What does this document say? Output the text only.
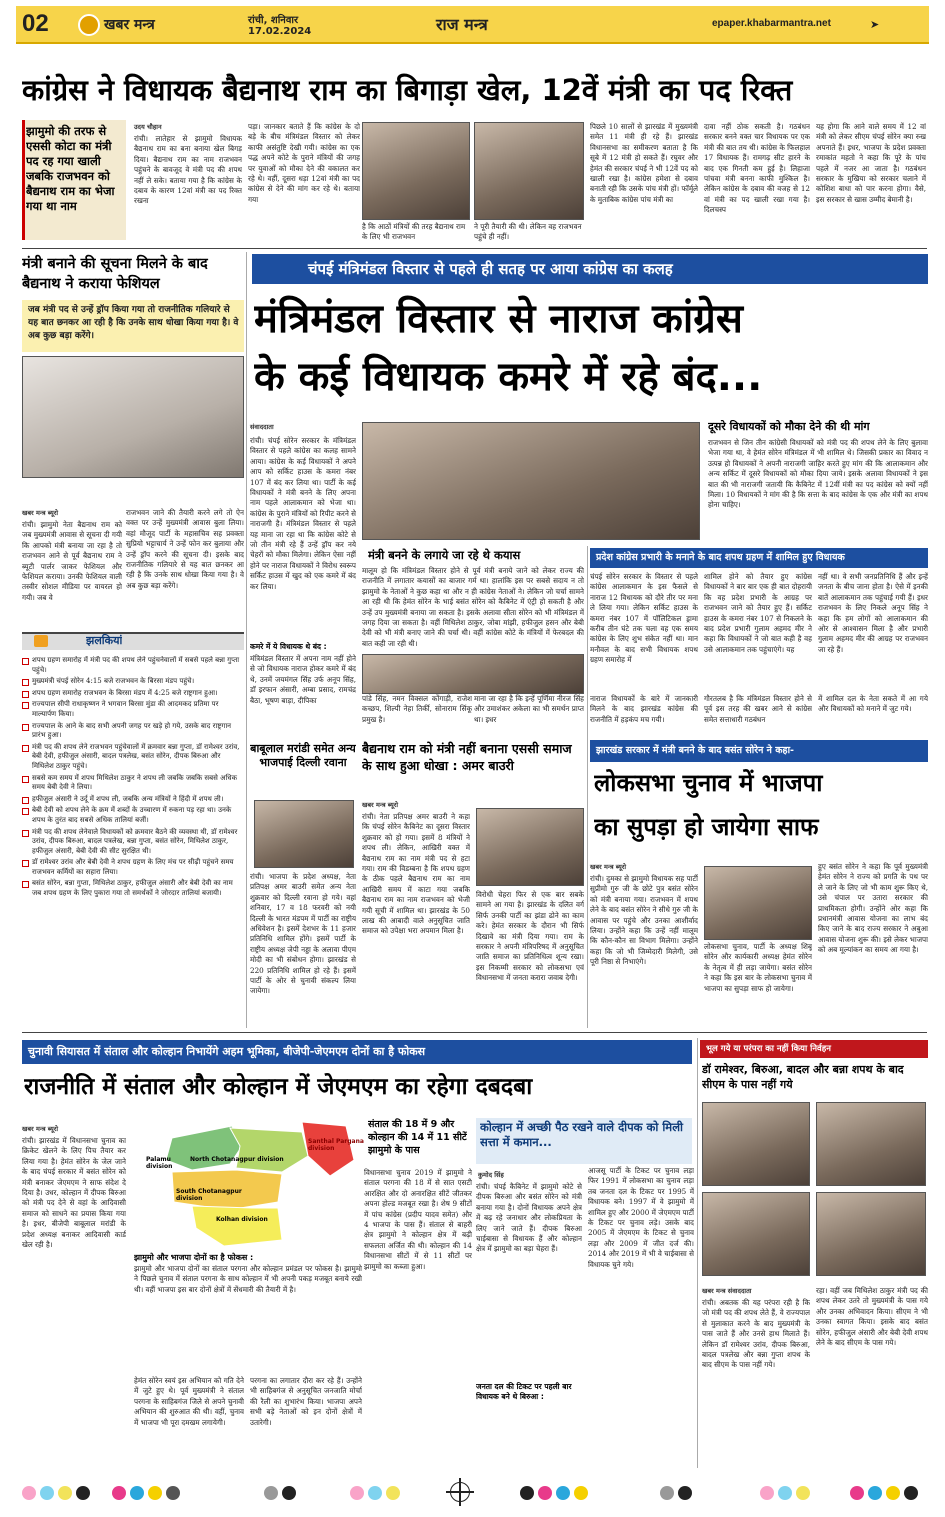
02	खबर मन्त्र	रांची, शनिवार
17.02.2024	राज मन्त्र	epaper.khabarmantra.net	➤
कांग्रेस ने विधायक बैद्यनाथ राम का बिगाड़ा खेल, 12वें मंत्री का पद रिक्त
झामुमो की तरफ से एससी कोटा का मंत्री पद रह गया खाली जबकि राजभवन को बैद्यनाथ राम का भेजा गया था नाम
उदय चौहान
रांची। लातेहार से झामुमो विधायक बैद्यनाथ राम का बना बनाया खेल बिगड़ दिया। बैद्यनाथ राम का नाम राजभवन पहुंचने के बावजूद वे मंत्री पद की शपथ नहीं ले सके। बताया गया है कि कांग्रेस के दबाव के कारण 12वां मंत्री का पद रिक्त रखना
पड़ा। जानकार बताते हैं कि कांग्रेस के दो बड़े के बीच मंत्रिमंडल विस्तार को लेकर काफी असंतुष्टि देखी गयी। कांग्रेस का एक पद्ध अपने कोटे के पुराने मंत्रियों की जगह पर युवाओं को मौका देने की वकालत कर रहे थे। वहीं, दूसरा धड़ा 12वां मंत्री का पद कांग्रेस से देने की मांग कर रहे थे। बताया गया
है कि आठों मंत्रियों की तरह बैद्यनाथ राम के लिए भी राजभवन
ने पूरी तैयारी की थी। लेकिन वह राजभवन पहुंचे ही नहीं।
पिछले 10 सालों से झारखंड में मुख्यमंत्री समेत 11 मंत्री ही रहे हैं। झारखंड विधानसभा का समीकरण बताता है कि सूबे में 12 मंत्री हो सकते हैं। रघुवर और हेमंत की सरकार चंपई ने भी 12वें पद को खाली रखा है। कांग्रेस हमेशा से दबाव बनाती रही कि उसके पांच मंत्री हों। फॉर्मूले के मुताबिक कांग्रेस पांच मंत्री का
दावा नहीं ठोक सकती है। गठबंधन सरकार बनने वक्त चार विधायक पर एक मंत्री की बात तय थी। कांग्रेस के फिलहाल 17 विधायक हैं। रामगढ़ सीट हारने के बाद एक गिनती कम हुई है। लिहाजा पांचवा मंत्री बनना काफी मुश्किल है। लेकिन कांग्रेस के दबाव की वजह से 12 वां मंत्री का पद खाली रखा गया है। दिलचस्प
यह होगा कि आने वाले समय में 12 वां मंत्री को लेकर सीएम चंपई सोरेन क्या रुख अपनाते हैं। इधर, भाजपा के प्रदेश प्रवक्ता रमाकांत महतो ने कहा कि पूरे के पांच पहले में नजर आ जाता है। गठबंधन सरकार के मुखिया को सरकार चलाने में कोशिश बाधा को पार करना होगा। वैसे, इस सरकार से खास उम्मीद बेमानी है।
मंत्री बनाने की सूचना मिलने के बाद बैद्यनाथ ने कराया फेशियल
जब मंत्री पद से उन्हें ड्रॉप किया गया तो राजनीतिक गलियारे से यह बात छनकर आ रही है कि उनके साथ धोखा किया गया है। वे अब कुछ बड़ा करेंगे।
खबर मन्त्र ब्यूरो
रांची। झामुमो नेता बैद्यनाथ राम को जब मुख्यमंत्री आवास से सूचना दी गयी कि आपको मंत्री बनाया जा रहा है तो राजभवन आने से पूर्व बैद्यनाथ राम ने ब्यूटी पार्लर जाकर फेशियल और फेशियल कराया। उनकी फेशियल वाली तस्वीर सोशल मीडिया पर वायरल हो गयी। जब वे
राजभवन जाने की तैयारी करने लगे तो ऐन वक्त पर उन्हें मुख्यमंत्री आवास बुला लिया। वहां मौजूद पार्टी के महासचिव सह प्रवक्ता सुप्रियो भट्टाचार्य ने उन्हें फोन कर बुलाया और उन्हें ड्रॉप करने की सूचना दी। इसके बाद राजनीतिक गलियारे से यह बात छनकर आ रही है कि उनके साथ धोखा किया गया है। वे अब कुछ बड़ा करेंगे।
झलकियां
शपथ ग्रहण समारोह में मंत्री पद की शपथ लेने पहुंचनेवालों में सबसे पहले बन्ना गुप्ता पहुंचे।
मुख्यमंत्री चंपई सोरेन 4:15 बजे राजभवन के बिरसा मंडप पहुंचे।
शपथ ग्रहण समारोह राजभवन के बिरसा मंडप में 4:25 बजे राष्ट्रगान हुआ।
राज्यपाल सीपी राधाकृष्णन ने भगवान बिरसा मुंडा की आदमकद प्रतिमा पर माल्यार्पण किया।
राज्यपाल के आने के बाद सभी अपनी जगह पर खड़े हो गये, उसके बाद राष्ट्रगान प्रारंभ हुआ।
मंत्री पद की शपथ लेने राजभवन पहुंचेवालों में क्रमवार बन्ना गुप्ता, डॉ रामेश्वर उरांव, बेबी देवी, हफीजुल अंसारी, बादल पत्रलेख, बसंत सोरेन, दीपक बिरुआ और मिथिलेश ठाकुर पहुंचे।
सबसे कम समय में शपथ मिथिलेश ठाकुर ने शपथ ली जबकि जबकि सबसे अधिक समय बेबी देवी ने लिया।
हफीजुल अंसारी ने उर्दू में शपथ ली, जबकि अन्य मंत्रियों ने हिंदी में शपथ ली।
बेबी देवी को शपथ लेने के क्रम में शब्दों के उच्चारण में रुकना पड़ रहा था। उनके शपथ के तुरंत बाद सबसे अधिक तालियां बजीं।
मंत्री पद की शपथ लेनेवाले विधायकों को क्रमवार बैठने की व्यवस्था थी, डॉ रामेश्वर उरांव, दीपक बिरुआ, बादल पत्रलेख, बन्ना गुप्ता, बसंत सोरेन, मिथिलेश ठाकुर, हफीजुल अंसारी, बेबी देवी की सीट सुरक्षित थी।
डॉ रामेश्वर उरांव और बेबी देवी ने शपथ ग्रहण के लिए मंच पर सीढ़ी पहुंचने समय राजभवन कर्मियों का सहारा लिया।
बसंत सोरेन, बन्ना गुप्ता, मिथिलेश ठाकुर, हफीजुल अंसारी और बेबी देवी का नाम जब शपथ ग्रहण के लिए पुकारा गया तो समर्थकों ने जोरदार तालियां बजायी।
चंपई मंत्रिमंडल विस्तार से पहले ही सतह पर आया कांग्रेस का कलह
मंत्रिमंडल विस्तार से नाराज कांग्रेस
के कई विधायक कमरे में रहे बंद...
संवाददाता
रांची। चंपई सोरेन सरकार के मंत्रिमंडल विस्तार से पहले कांग्रेस का कलह सामने आया। कांग्रेस के कई विधायकों ने अपने आप को सर्किट हाउस के कमरा नंबर 107 में बंद कर लिया था। पार्टी के कई विधायकों ने मंत्री बनने के लिए अपना नाम पहले आलाकमान को भेजा था। कांग्रेस के पुराने मंत्रियों को रिपीट करने से नाराजगी है। मंत्रिमंडल विस्तार से पहले यह माना जा रहा था कि कांग्रेस कोटे से जो तीन मंत्री रहे हैं उन्हें ड्रॉप कर नये चेहरों को मौका मिलेगा। लेकिन ऐसा नहीं होने पर नाराज विधायकों ने विरोध स्वरूप सर्किट हाउस में खुद को एक कमरे में बंद कर लिया।
कमरे में ये विधायक थे बंद :
मंत्रिमंडल विस्तार में अपना नाम नहीं होने से जो विधायक नाराज होकर कमरे में बंद थे, उनमें जयमंगल सिंह उर्फ अनूप सिंह, डॉ इरफान अंसारी, अम्बा प्रसाद, रामचंद्र बैठा, भूषण बाड़ा, दीपिका
मंत्री बनने के लगाये जा रहे थे कयास
मालूम हो कि मंत्रिमंडल विस्तार होने से पूर्व मंत्री बनाये जाने को लेकर राज्य की राजनीति में लगातार कयासों का बाजार गर्म था। हालांकि इस पर सबसे सदाय न तो झामुमो के नेताओं ने कुछ कहा था और न ही कांग्रेस नेताओं ने। लेकिन जो चर्चा सामने आ रही थी कि हेमंत सोरेन के भाई बसंत सोरेन को कैबिनेट में एंट्री हो सकती है और उन्हें उप मुख्यमंत्री बनाया जा सकता है। इसके अलावा सीता सोरेन को भी मंत्रिमंडल में जगह दिया जा सकता है। वहीं मिथिलेश ठाकुर, जोबा मांझी, हफीजुल हसन और बेबी देवी को भी मंत्री बनाए जाने की चर्चा थी। वहीं कांग्रेस कोटे के मंत्रियों में फेरबदल की बात कही जा रही थी।
पांडे सिंह, नमन विक्सल कोंगाड़ी, राजेश कच्छप, शिल्पी नेहा तिर्की, सोनाराम सिंकू प्रमुख है।
माना जा रहा है कि इन्हें पूर्णिमा नीरज सिंह और उमाशंकर अकेला का भी समर्थन प्राप्त था। इधर
दूसरे विधायकों को मौका देने की थी मांग
राजभवन से जिन तीन कांग्रेसी विधायकों को मंत्री पद की शपथ लेने के लिए बुलावा भेजा गया था, वे हेमंत सोरेन मंत्रिमंडल में भी शामिल थे। जिसकी प्रकार का विवाद न उत्पन्न हो विधायकों ने अपनी नाराजगी जाहिर करते हुए मांग की कि आलाकमान और अन्य सर्किट में दूसरे विधायकों को मौका दिया जाये। इसके अलावा विधायकों ने इस बात की भी नाराजगी जतायी कि कैबिनेट में 12वीं मंत्री का पद कांग्रेस को क्यों नहीं मिला। 10 विधायकों ने मांग की है कि सत्ता के बाद कांग्रेस के एक और मंत्री का शपथ होना चाहिए।
प्रदेश कांग्रेस प्रभारी के मनाने के बाद शपथ ग्रहण में शामिल हुए विधायक
चंपई सोरेन सरकार के विस्तार से पहले कांग्रेस आलाकमान के इस फैसले से नाराज 12 विधायक को दौरे तीर पर मना ले लिया गया। लेकिन सर्किट हाउस के कमरा नंबर 107 में पॉलिटिकल ड्रामा करीब तीन घंटे तक चला वह एक समय कांग्रेस के लिए शुभ संकेत नहीं था। मान मनौवल के बाद सभी विधायक शपथ ग्रहण समारोह में
शामिल होने को तैयार हुए कांग्रेस विधायकों ने बार बार एक ही बात दोहरायी कि वह प्रदेश प्रभारी के आग्रह पर राजभवन जाने को तैयार हुए हैं। सर्किट हाउस के कमरा नंबर 107 से निकलने के बाद प्रदेश प्रभारी गुलाम अहमद मीर ने कहा कि विधायकों ने जो बात कही है वह उसे आलाकमान तक पहुंचाएंगे। यह
नहीं था। वे सभी जनप्रतिनिधि हैं और इन्हें जनता के बीच जाना होता है। ऐसे में इनकी बातें आलाकमान तक पहुंचाई गयी हैं। इधर राजभवन के लिए निकले अनूप सिंह ने कहा कि हम लोगों को आलाकमान की ओर से आश्वासन मिला है और प्रभारी गुलाम अहमद मीर की आग्रह पर राजभवन जा रहे हैं।
नाराज विधायकों के बारे में जानकारी मिलने के बाद झारखंड कांग्रेस की राजनीति में हड़कंप मच गयी।
गौरतलब है कि मंत्रिमंडल विस्तार होने से पूर्व इस तरह की खबर आने से कांग्रेस समेत सत्ताधारी गठबंधन
में शामिल दल के नेता सकते में आ गये और विधायकों को मनाने में जुट गये।
बाबूलाल मरांडी समेत अन्य भाजपाई दिल्ली रवाना
रांची। भाजपा के प्रदेश अध्यक्ष, नेता प्रतिपक्ष अमर बाउरी समेत अन्य नेता शुक्रवार को दिल्ली रवाना हो गये। वहां शनिवार, 17 व 18 फरवरी को नयी दिल्ली के भारत मंडपम में पार्टी का राष्ट्रीय अधिवेशन है। इसमें देशभर के 11 हजार प्रतिनिधि शामिल होंगे। इसमें पार्टी के राष्ट्रीय अध्यक्ष जेपी नड्डा के अलावा पीएम मोदी का भी संबोधन होगा। झारखंड से 220 प्रतिनिधि शामिल हो रहे हैं। इसमें पार्टी के ओर से चुनावी संकल्प लिया जायेगा।
बैद्यनाथ राम को मंत्री नहीं बनाना एससी समाज के साथ हुआ धोखा : अमर बाउरी
खबर मन्त्र ब्यूरो
रांची। नेता प्रतिपक्ष अमर बाउरी ने कहा कि चंपई सोरेन कैबिनेट का दूसरा विस्तार शुक्रवार को हो गया। इसमें 8 मंत्रियों ने शपथ ली। लेकिन, आखिरी वक्त में बैद्यनाथ राम का नाम मंत्री पद से हटा गया। राम की विडम्बना है कि शपथ ग्रहण के ठीक पहले बैद्यनाथ राम का नाम आखिरी समय में काटा गया जबकि बैद्यनाथ राम का नाम राजभवन को भेजी गयी सूची में शामिल था। झारखंड के 50 लाख की आबादी वाले अनुसूचित जाति समाज को उपेक्षा भरा अपमान मिला है।
विरोधी चेहरा फिर से एक बार सबके सामने आ गया है। झारखंड के दलित वर्ग सिर्फ उनकी पार्टी का झंडा ढोने का काम करे। हेमंत सरकार के दौरान भी सिर्फ दिखावे का मंत्री दिया गया। राम के सरकार ने अपनी मंत्रिपरिषद में अनुसूचित जाति समाज का प्रतिनिधित्व शून्य रखा। इस निकम्मी सरकार को लोकसभा एवं विधानसभा में जनता करारा जवाब देगी।
झारखंड सरकार में मंत्री बनने के बाद बसंत सोरेन ने कहा-
लोकसभा चुनाव में भाजपा
का सुपड़ा हो जायेगा साफ
खबर मन्त्र ब्यूरो
रांची। दुमका से झामुमो विधायक सह पार्टी सुप्रीमो गुरु जी के छोटे पुत्र बसंत सोरेन को मंत्री बनाया गया। राजभवन में शपथ लेने के बाद बसंत सोरेन ने सीधे गुरु जी के आवास पर पहुंचे और उनका आशीर्वाद लिया। उन्होंने कहा कि उन्हें नहीं मालूम कि कौन-कौन सा विभाग मिलेगा। उन्होंने कहा कि जो भी जिम्मेदारी मिलेगी, उसे पूरी निष्ठा से निभाएंगे।
लोकसभा चुनाव, पार्टी के अध्यक्ष शिबू सोरेन और कार्यकारी अध्यक्ष हेमंत सोरेन के नेतृत्व में ही लड़ा जायेगा। बसंत सोरेन ने कहा कि इस बार के लोकसभा चुनाव में भाजपा का सुपड़ा साफ हो जायेगा।
हुए बसंत सोरेन ने कहा कि पूर्व मुख्यमंत्री हेमंत सोरेन ने राज्य को प्रगति के पथ पर ले जाने के लिए जो भी काम शुरू किए थे, उसे चंपाल पर उतारा सरकार की प्राथमिकता होगी। उन्होंने ओर कहा कि प्रधानमंत्री आवास योजना का लाभ बंद किए जाने के बाद राज्य सरकार ने अबुआ आवास योजना शुरू की। इसे लेकर भाजपा को अब मूल्यांकन का समय आ गया है।
चुनावी सियासत में संताल और कोल्हान निभायेंगे अहम भूमिका, बीजेपी-जेएमएम दोनों का है फोकस
राजनीति में संताल और कोल्हान में जेएमएम का रहेगा दबदबा
खबर मन्त्र ब्यूरो
रांची। झारखंड में विधानसभा चुनाव का क्रिकेट खेलने के लिए पिच तैयार कर लिया गया है। हेमंत सोरेन के जेल जाने के बाद चंपई सरकार में बसंत सोरेन को मंत्री बनाकर जेएमएम ने साफ संदेश दे दिया है। उधर, कोल्हान में दीपक बिरुआ को मंत्री पद देने से वहां के आदिवासी समाज को साधने का प्रयास किया गया है। इधर, बीजेपी बाबूलाल मरांडी के प्रदेश अध्यक्ष बनाकर आदिवासी कार्ड खेल रही है।
Santhal Pargana division
Palamu division
North Chotanagpur division
South Chotanagpur division
Kolhan division
झामुमो और भाजपा दोनों का है फोकस :
झामुमो और भाजपा दोनों का संताल परगना और कोल्हान प्रमंडल पर फोकस है। झामुमो ने पिछले चुनाव में संताल परगना के साथ कोल्हान में भी अपनी पकड़ मजबूत बनाये रखी थी। वहीं भाजपा इस बार दोनों क्षेत्रों में सेंधमारी की तैयारी में है।
हेमंत सोरेन स्वयं इस अभियान को गति देने में जुटे हुए थे। पूर्व मुख्यमंत्री ने संताल परगना के साहिबगंज जिले से अपने चुनावी अभियान की शुरुआत की थी। वहीं, चुनाव में भाजपा भी पूरा दमखम लगायेगी।
परगना का लगातार दौरा कर रहे हैं। उन्होंने भी साहिबगंज से अनुसूचित जनजाति मोर्चा की रैली का शुभारंभ किया। भाजपा अपने सभी बड़े नेताओं को इन दोनों क्षेत्रों में उतारेगी।
संताल की 18 में 9 और कोल्हान की 14 में 11 सीटें झामुमो के पास
विधानसभा चुनाव 2019 में झामुमो ने संताल परगना की 18 में से सात एसटी आरक्षित और दो अनारक्षित सीटें जीतकर अपना होल्ड मजबूत रखा है। शेष 9 सीटों में पांच कांग्रेस (प्रदीप यादव समेत) और 4 भाजपा के पास हैं। संताल से बाहरी क्षेत्र झामुमो ने कोल्हान क्षेत्र में बढ़ी सफलता अर्जित की थी। कोल्हान की 14 विधानसभा सीटों में से 11 सीटों पर झामुमो का कब्जा हुआ।
कोल्हान में अच्छी पैठ रखने वाले दीपक को मिली सत्ता में कमान...
कुमोद सिंह
रांची। चंपई कैबिनेट में झामुमो कोटे से दीपक बिरुआ और बसंत सोरेन को मंत्री बनाया गया है। दोनों विधायक अपने क्षेत्र में बढ़ रहे जनाधार और लोकप्रियता के लिए जाने जाते हैं। दीपक बिरुआ चाईबासा से विधायक हैं और कोल्हान क्षेत्र में झामुमो का बड़ा चेहरा हैं।
जनता दल की टिकट पर पहली बार विधायक बने थे बिरुआ :
आजसू पार्टी के टिकट पर चुनाव लड़ा फिर 1991 में लोकसभा का चुनाव लड़ा तब जनता दल के टिकट पर 1995 में विधायक बने। 1997 में वे झामुमो में शामिल हुए और 2000 में जेएमएम पार्टी के टिकट पर चुनाव लड़े। उसके बाद 2005 में जेएमएम के टिकट से चुनाव लड़ा और 2009 में जीत दर्ज की। 2014 और 2019 में भी वे चाईबासा से विधायक चुने गये।
भूल गये या परंपरा का नहीं किया निर्वहन
डॉ रामेश्वर, बिरुआ, बादल और बन्ना शपथ के बाद सीएम के पास नहीं गये
खबर मन्त्र संवाददाता
रांची। अबतक की यह परंपरा रही है कि जो मंत्री पद की शपथ लेते हैं, वे राज्यपाल से मुलाकात करने के बाद मुख्यमंत्री के पास जाते हैं और उनसे हाथ मिलाते हैं। लेकिन डॉ रामेश्वर उरांव, दीपक बिरुआ, बादल पत्रलेख और बन्ना गुप्ता शपथ के बाद सीएम के पास नहीं गये।
रहा। वहीं जब मिथिलेश ठाकुर मंत्री पद की शपथ लेकर उतरे तो मुख्यमंत्री के पास गये और उनका अभिवादन किया। सीएम ने भी उनका स्वागत किया। इसके बाद बसंत सोरेन, हफीजुल अंसारी और बेबी देवी शपथ लेने के बाद सीएम के पास गये।
